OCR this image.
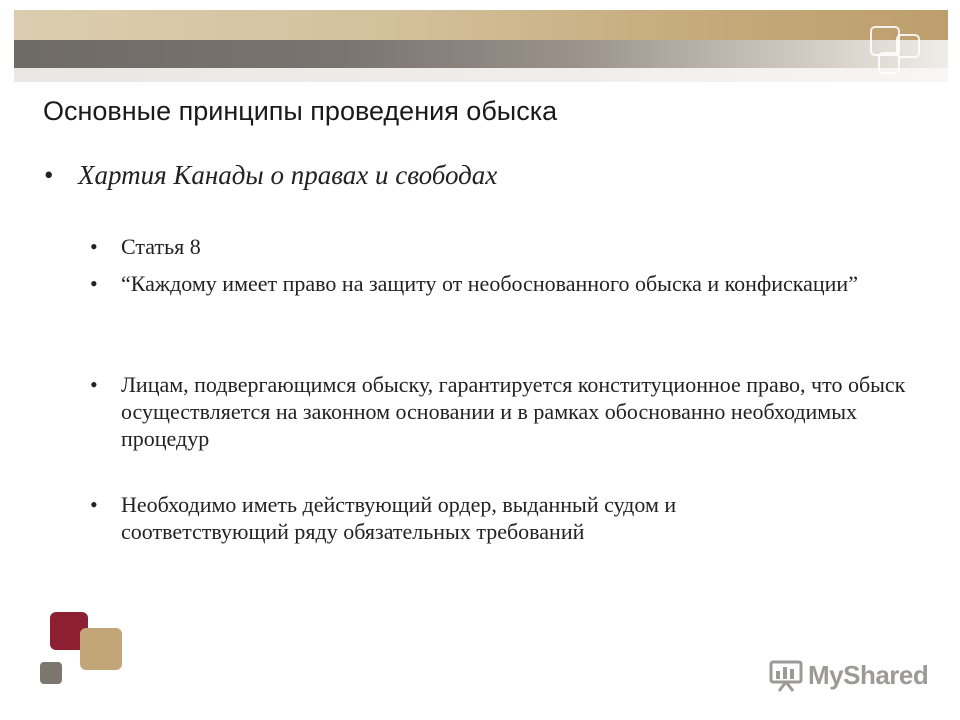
Основные принципы проведения обыска
• Хартия Канады о правах и свободах
• Статья 8
• “Каждому имеет право на защиту от необоснованного обыска и конфискации”
• Лицам, подвергающимся обыску, гарантируется конституционное право, что обыск осуществляется на законном основании и в рамках обоснованно необходимых процедур
• Необходимо иметь действующий ордер, выданный судом и соответствующий ряду обязательных требований
MyShared
